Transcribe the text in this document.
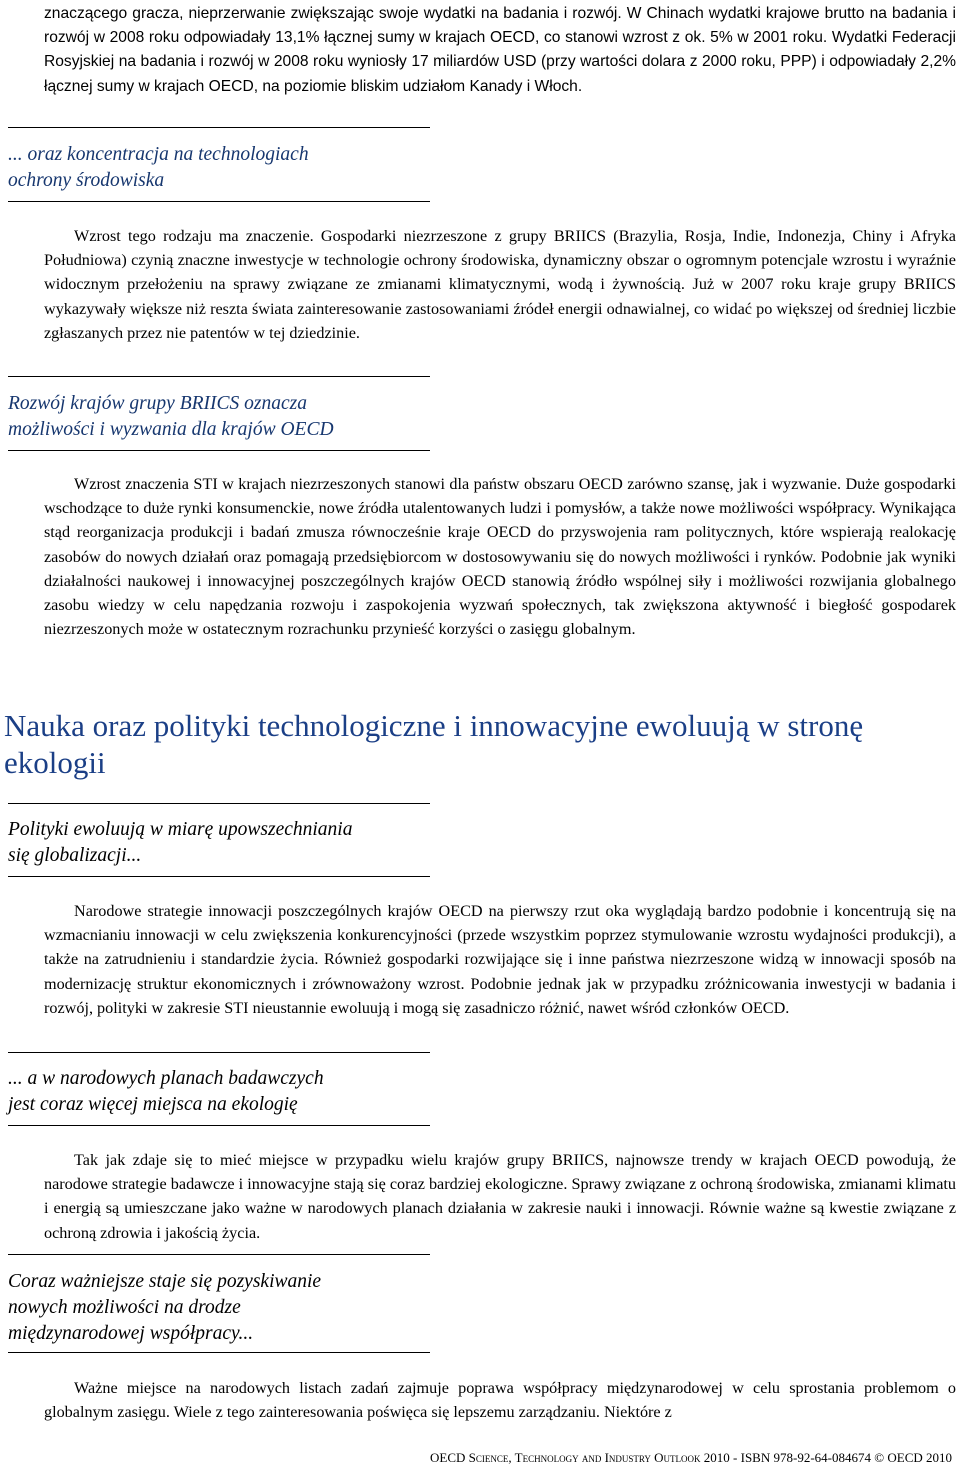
znaczącego gracza, nieprzerwanie zwiększając swoje wydatki na badania i rozwój. W Chinach wydatki krajowe brutto na badania i rozwój w 2008 roku odpowiadały 13,1% łącznej sumy w krajach OECD, co stanowi wzrost z ok. 5% w 2001 roku. Wydatki Federacji Rosyjskiej na badania i rozwój w 2008 roku wyniosły 17 miliardów USD (przy wartości dolara z 2000 roku, PPP) i odpowiadały 2,2% łącznej sumy w krajach OECD, na poziomie bliskim udziałom Kanady i Włoch.

... oraz koncentracja na technologiach
ochrony środowiska

Wzrost tego rodzaju ma znaczenie. Gospodarki niezrzeszone z grupy BRIICS (Brazylia, Rosja, Indie, Indonezja, Chiny i Afryka Południowa) czynią znaczne inwestycje w technologie ochrony środowiska, dynamiczny obszar o ogromnym potencjale wzrostu i wyraźnie widocznym przełożeniu na sprawy związane ze zmianami klimatycznymi, wodą i żywnością. Już w 2007 roku kraje grupy BRIICS wykazywały większe niż reszta świata zainteresowanie zastosowaniami źródeł energii odnawialnej, co widać po większej od średniej liczbie zgłaszanych przez nie patentów w tej dziedzinie.

Rozwój krajów grupy BRIICS oznacza
możliwości i wyzwania dla krajów OECD

Wzrost znaczenia STI w krajach niezrzeszonych stanowi dla państw obszaru OECD zarówno szansę, jak i wyzwanie. Duże gospodarki wschodzące to duże rynki konsumenckie, nowe źródła utalentowanych ludzi i pomysłów, a także nowe możliwości współpracy. Wynikająca stąd reorganizacja produkcji i badań zmusza równocześnie kraje OECD do przyswojenia ram politycznych, które wspierają realokację zasobów do nowych działań oraz pomagają przedsiębiorcom w dostosowywaniu się do nowych możliwości i rynków. Podobnie jak wyniki działalności naukowej i innowacyjnej poszczególnych krajów OECD stanowią źródło wspólnej siły i możliwości rozwijania globalnego zasobu wiedzy w celu napędzania rozwoju i zaspokojenia wyzwań społecznych, tak zwiększona aktywność i biegłość gospodarek niezrzeszonych może w ostatecznym rozrachunku przynieść korzyści o zasięgu globalnym.

Nauka oraz polityki technologiczne i innowacyjne ewoluują w stronę
ekologii
Polityki ewoluują w miarę upowszechniania
się globalizacji...

Narodowe strategie innowacji poszczególnych krajów OECD na pierwszy rzut oka wyglądają bardzo podobnie i koncentrują się na wzmacnianiu innowacji w celu zwiększenia konkurencyjności (przede wszystkim poprzez stymulowanie wzrostu wydajności produkcji), a także na zatrudnieniu i standardzie życia. Również gospodarki rozwijające się i inne państwa niezrzeszone widzą w innowacji sposób na modernizację struktur ekonomicznych i zrównoważony wzrost. Podobnie jednak jak w przypadku zróżnicowania inwestycji w badania i rozwój, polityki w zakresie STI nieustannie ewoluują i mogą się zasadniczo różnić, nawet wśród członków OECD.

... a w narodowych planach badawczych
jest coraz więcej miejsca na ekologię

Tak jak zdaje się to mieć miejsce w przypadku wielu krajów grupy BRIICS, najnowsze trendy w krajach OECD powodują, że narodowe strategie badawcze i innowacyjne stają się coraz bardziej ekologiczne. Sprawy związane z ochroną środowiska, zmianami klimatu i energią są umieszczane jako ważne w narodowych planach działania w zakresie nauki i innowacji. Równie ważne są kwestie związane z ochroną zdrowia i jakością życia.

Coraz ważniejsze staje się pozyskiwanie
nowych możliwości na drodze
międzynarodowej współpracy...

Ważne miejsce na narodowych listach zadań zajmuje poprawa współpracy międzynarodowej w celu sprostania problemom o globalnym zasięgu. Wiele z tego zainteresowania poświęca się lepszemu zarządzaniu. Niektóre z

OECD Science, Technology and Industry Outlook 2010 - ISBN 978-92-64-084674 © OECD 2010
